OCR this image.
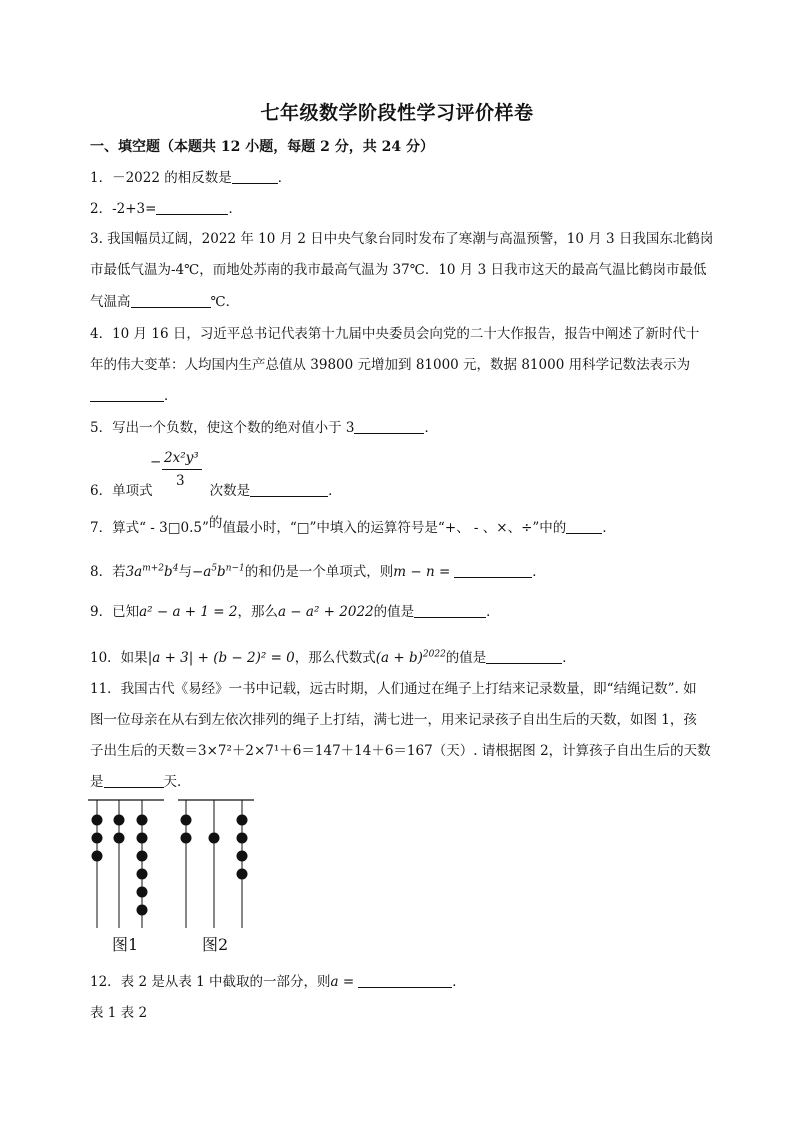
七年级数学阶段性学习评价样卷
一、填空题（本题共 12 小题，每题 2 分，共 24 分）
1．－2022 的相反数是	．
2．-2+3=	．
3. 我国幅员辽阔，2022 年 10 月 2 日中央气象台同时发布了寒潮与高温预警，10 月 3 日我国东北鹤岗
市最低气温为-4℃，而地处苏南的我市最高气温为 37℃．10 月 3 日我市这天的最高气温比鹤岗市最低
气温高	℃．
4．10 月 16 日，习近平总书记代表第十九届中央委员会向党的二十大作报告，报告中阐述了新时代十
年的伟大变革：人均国内生产总值从 39800 元增加到 81000 元，数据 81000 用科学记数法表示为
．
5．写出一个负数，使这个数的绝对值小于 3	．
− 2x²y³
3
6．单项式	次数是	．
7．算式“ - 3□0.5”的值最小时，“□”中填入的运算符号是“+、 - 、×、÷”中的	．
8．若$3a^{m+2}b^4$与$-a^5b^{n-1}$的和仍是一个单项式，则m − n =	．
9．已知a² − a + 1 = 2，那么a − a² + 2022的值是	．
10．如果|a + 3| + (b − 2)² = 0，那么代数式$(a + b)^{2022}$的值是	．
11．我国古代《易经》一书中记载，远古时期，人们通过在绳子上打结来记录数量，即“结绳记数”. 如
图一位母亲在从右到左依次排列的绳子上打结，满七进一，用来记录孩子自出生后的天数，如图 1，孩
子出生后的天数＝3×7²＋2×7¹＋6＝147＋14＋6＝167（天）. 请根据图 2，计算孩子自出生后的天数
是	天．
图1	图2
12．表 2 是从表 1 中截取的一部分，则a =	．
表 1 表 2
